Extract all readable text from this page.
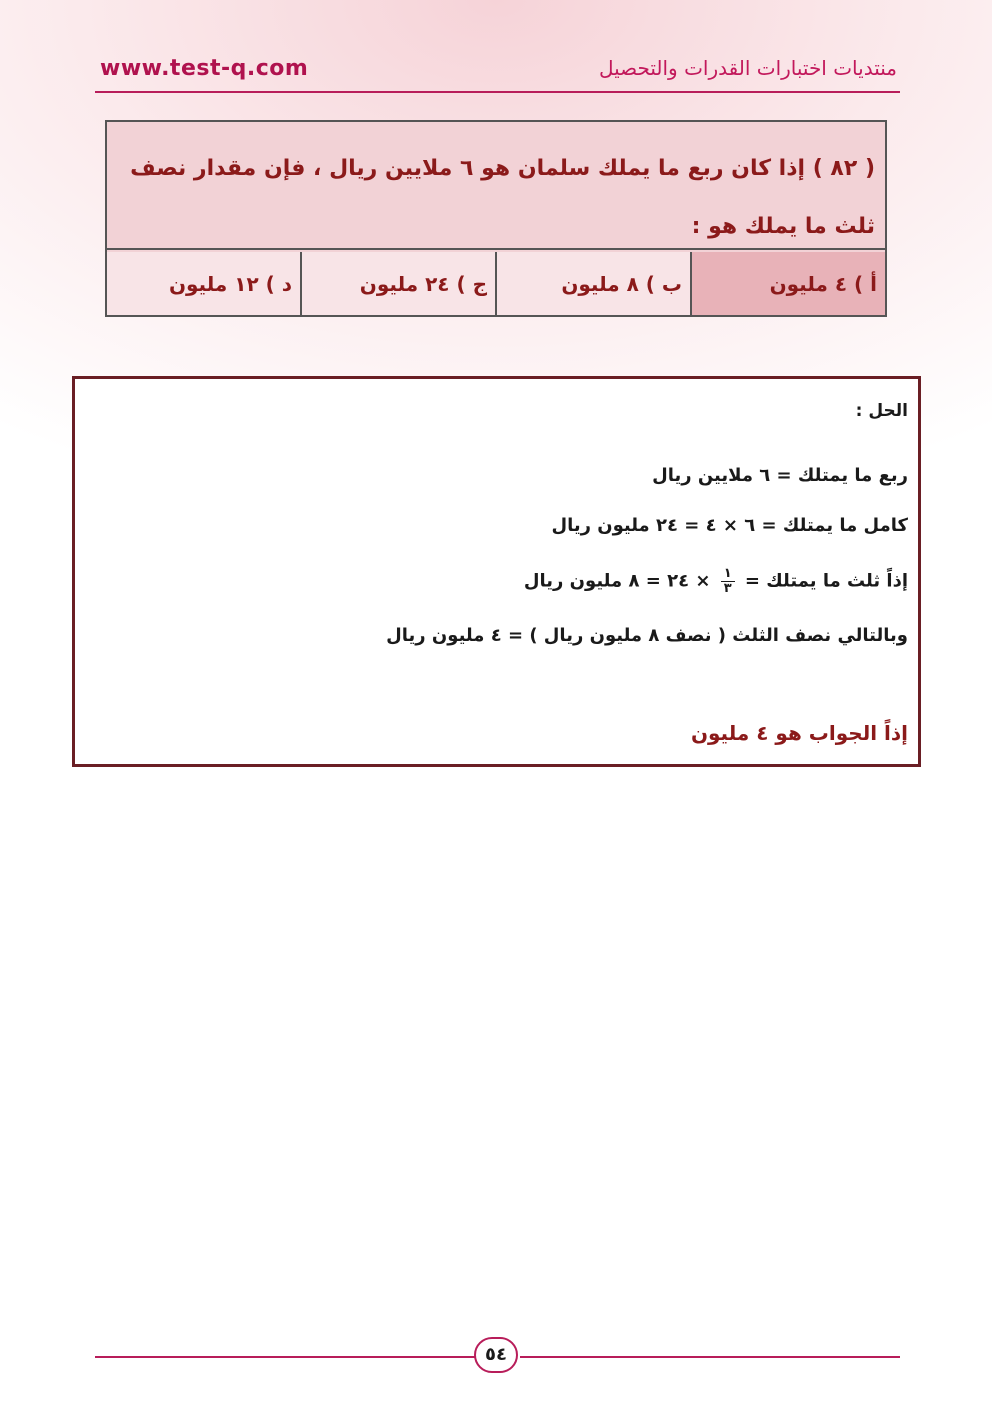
www.test-q.com	منتديات اختبارات القدرات والتحصيل
( ٨٢ ) إذا كان ربع ما يملك سلمان هو ٦ ملايين ريال ، فإن مقدار نصف ثلث ما يملك هو :
أ ) ٤ مليون
ب ) ٨ مليون
ج ) ٢٤ مليون
د ) ١٢ مليون
الحل :
ربع ما يمتلك = ٦ ملايين ريال
كامل ما يمتلك = ٦ × ٤ = ٢٤ مليون ريال
إذاً ثلث ما يمتلك =
$\frac{١}{٣}$
× ٢٤ = ٨ مليون ريال
وبالتالي نصف الثلث ( نصف ٨ مليون ريال ) = ٤ مليون ريال
إذاً الجواب هو ٤ مليون
٥٤
